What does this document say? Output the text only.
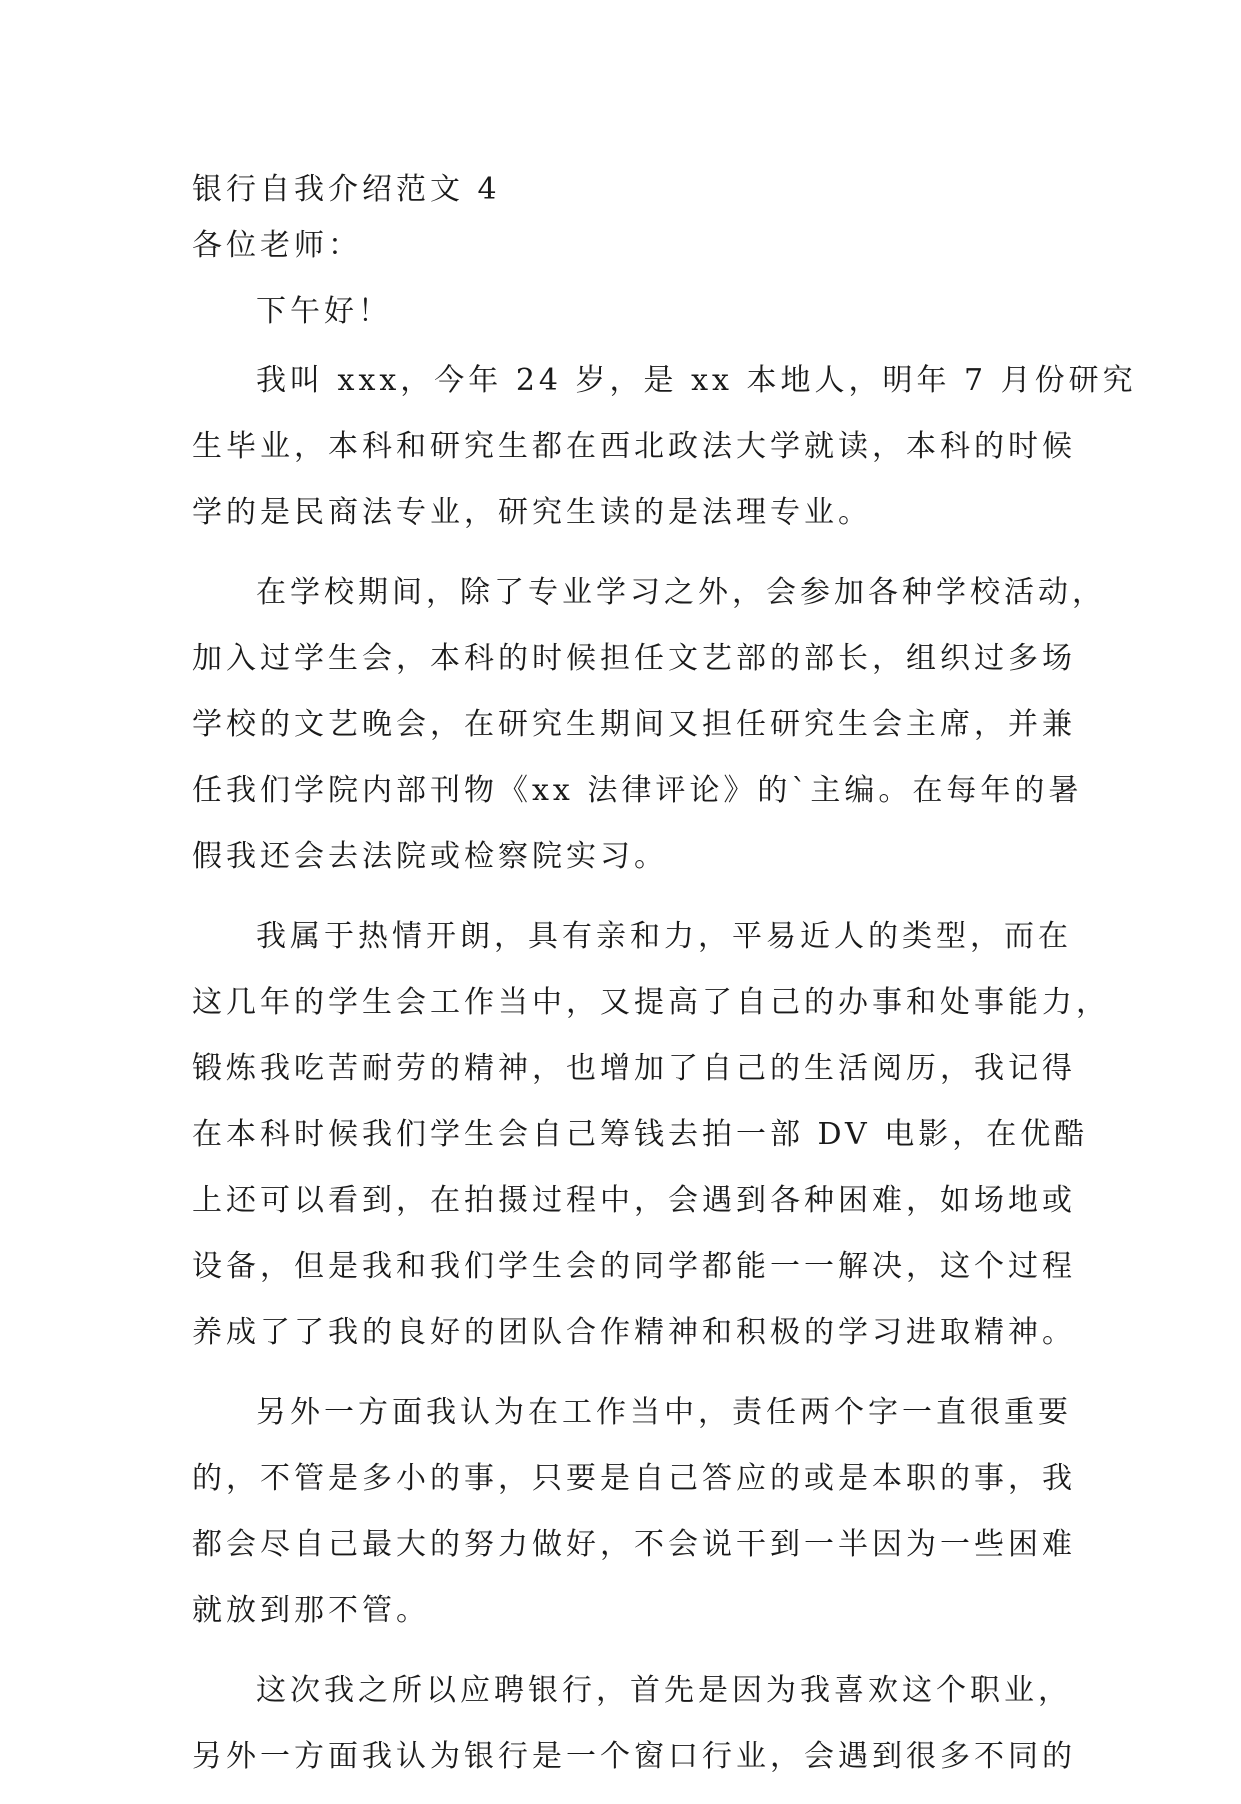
银行自我介绍范文 4
各位老师：
下午好！
我叫 xxx，今年 24 岁，是 xx 本地人，明年 7 月份研究
生毕业，本科和研究生都在西北政法大学就读，本科的时候
学的是民商法专业，研究生读的是法理专业。
在学校期间，除了专业学习之外，会参加各种学校活动，
加入过学生会，本科的时候担任文艺部的部长，组织过多场
学校的文艺晚会，在研究生期间又担任研究生会主席，并兼
任我们学院内部刊物《xx 法律评论》的`主编。在每年的暑
假我还会去法院或检察院实习。
我属于热情开朗，具有亲和力，平易近人的类型，而在
这几年的学生会工作当中，又提高了自己的办事和处事能力，
锻炼我吃苦耐劳的精神，也增加了自己的生活阅历，我记得
在本科时候我们学生会自己筹钱去拍一部 DV 电影，在优酷
上还可以看到，在拍摄过程中，会遇到各种困难，如场地或
设备，但是我和我们学生会的同学都能一一解决，这个过程
养成了了我的良好的团队合作精神和积极的学习进取精神。
另外一方面我认为在工作当中，责任两个字一直很重要
的，不管是多小的事，只要是自己答应的或是本职的事，我
都会尽自己最大的努力做好，不会说干到一半因为一些困难
就放到那不管。
这次我之所以应聘银行，首先是因为我喜欢这个职业，
另外一方面我认为银行是一个窗口行业，会遇到很多不同的
